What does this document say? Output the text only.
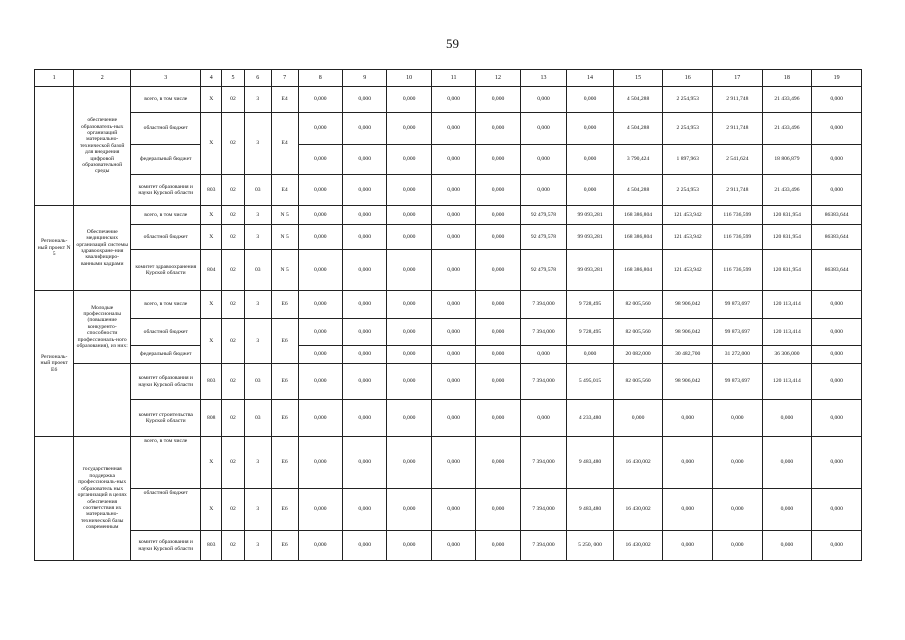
59
1	2	3	4	5	6	7	8	9	10	11	12	13	14	15	16	17	18	19
	обеспечение образователь-ных организаций материально-технической базой для внедрения цифровой образовательной среды	всего, в том числе	X	02	3	E4	0,000	0,000	0,000	0,000	0,000	0,000	0,000	4 504,288	2 254,953	2 911,748	21 433,496	0,000
		областной бюджет	X	02	3	E4	0,000	0,000	0,000	0,000	0,000	0,000	0,000	4 504,288	2 254,953	2 911,748	21 433,496	0,000
		федеральный бюджет					0,000	0,000	0,000	0,000	0,000	0,000	0,000	3 790,424	1 897,963	2 541,624	18 806,879	0,000
		комитет образования и науки Курской области	803	02	03	E4	0,000	0,000	0,000	0,000	0,000	0,000	0,000	4 504,288	2 254,953	2 911,748	21 433,496	0,000
Региональ-ный проект N 5	Обеспечение медицинских организаций системы здравоохране-ния квалифициро-ванными кадрами	всего, в том числе	X	02	3	N 5	0,000	0,000	0,000	0,000	0,000	92 479,578	99 093,281	168 386,804	121 453,942	116 736,599	120 831,954	86383,644
		областной бюджет	X	02	3	N 5	0,000	0,000	0,000	0,000	0,000	92 479,578	99 093,281	168 386,804	121 453,942	116 736,599	120 831,954	86383,644
		комитет здравоохранения Курской области	804	02	03	N 5	0,000	0,000	0,000	0,000	0,000	92 479,578	99 093,281	168 386,804	121 453,942	116 736,599	120 831,954	86383,644
Региональ-ный проект Е6	Молодые профессионалы (повышение конкуренто-способности профессиональ-ного образования), из них:	всего, в том числе	X	02	3	E6	0,000	0,000	0,000	0,000	0,000	7 394,000	9 728,495	82 005,560	98 906,042	99 873,697	120 113,414	0,000
		областной бюджет	X	02	3	E6	0,000	0,000	0,000	0,000	0,000	7 394,000	9 728,495	82 005,560	98 906,042	99 873,697	120 113,414	0,000
		федеральный бюджет					0,000	0,000	0,000	0,000	0,000	0,000	0,000	20 082,000	30 482,700	31 272,000	36 306,000	0,000
		комитет образования и науки Курской области	803	02	03	E6	0,000	0,000	0,000	0,000	0,000	7 394,000	5 495,015	82 005,560	98 906,042	99 873,697	120 113,414	0,000
		комитет строительства Курской области	808	02	03	E6	0,000	0,000	0,000	0,000	0,000	0,000	4 233,480	0,000	0,000	0,000	0,000	0,000
	государственная поддержка профессиональ-ных образователь ных организаций в целях обеспечения соответствия их материально-технической базы современным	всего, в том числе	X	02	3	E6	0,000	0,000	0,000	0,000	0,000	7 394,000	9 483,480	16 430,002	0,000	0,000	0,000	0,000
		областной бюджет	X	02	3	E6	0,000	0,000	0,000	0,000	0,000	7 394,000	9 483,480	16 430,002	0,000	0,000	0,000	0,000
		комитет образования и науки Курской области	803	02	3	E6	0,000	0,000	0,000	0,000	0,000	7 394,000	5 250, 000	16 430,002	0,000	0,000	0,000	0,000
